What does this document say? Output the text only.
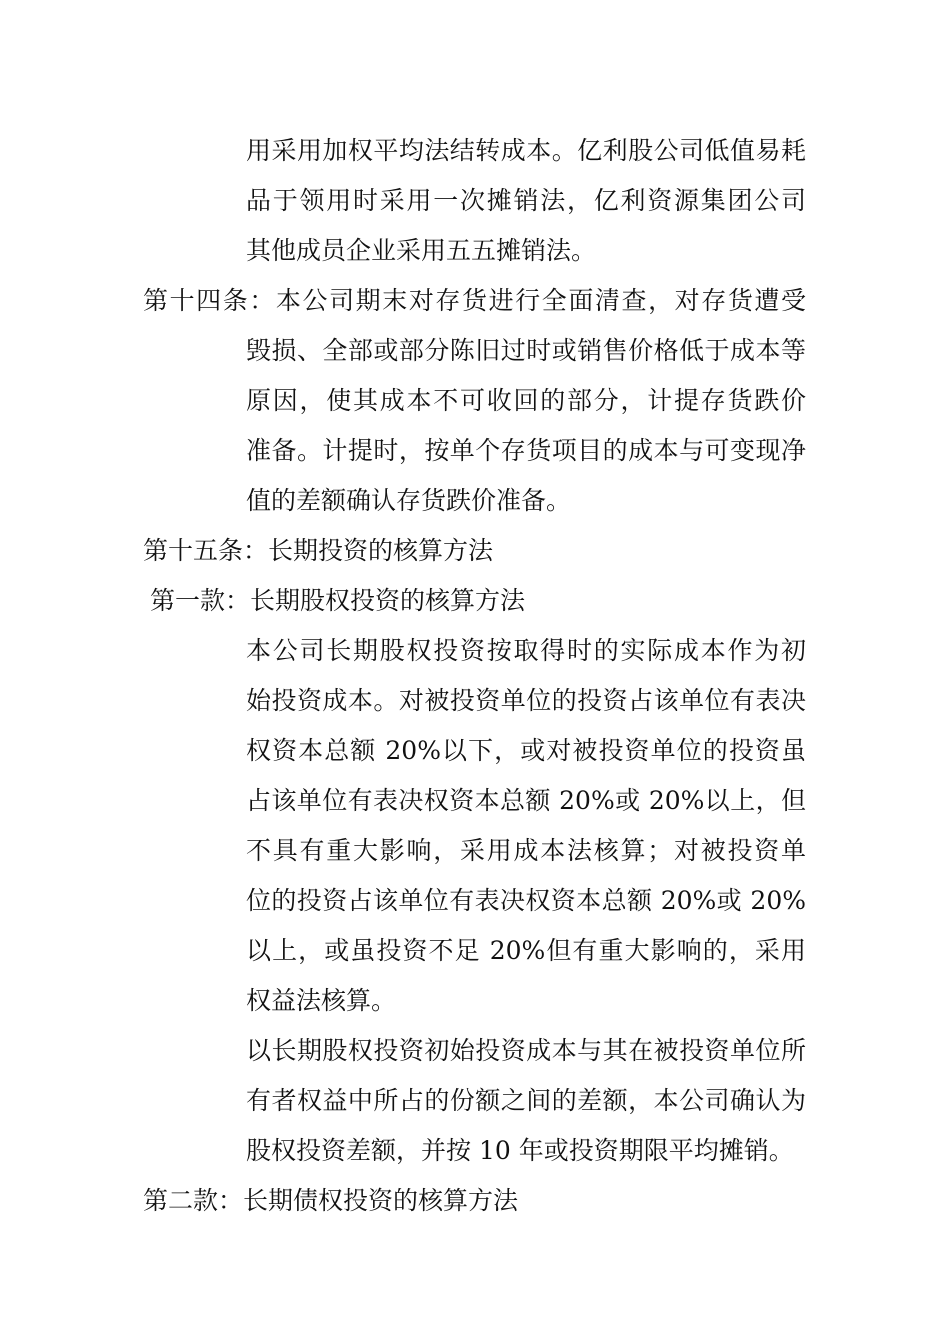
用采用加权平均法结转成本。亿利股公司低值易耗
品于领用时采用一次摊销法，亿利资源集团公司
其他成员企业采用五五摊销法。
第十四条：本公司期末对存货进行全面清查，对存货遭受
毁损、全部或部分陈旧过时或销售价格低于成本等
原因，使其成本不可收回的部分，计提存货跌价
准备。计提时，按单个存货项目的成本与可变现净
值的差额确认存货跌价准备。
第十五条：长期投资的核算方法
第一款：长期股权投资的核算方法
本公司长期股权投资按取得时的实际成本作为初
始投资成本。对被投资单位的投资占该单位有表决
权资本总额 20%以下，或对被投资单位的投资虽
占该单位有表决权资本总额 20%或 20%以上，但
不具有重大影响，采用成本法核算；对被投资单
位的投资占该单位有表决权资本总额 20%或 20%
以上，或虽投资不足 20%但有重大影响的，采用
权益法核算。
以长期股权投资初始投资成本与其在被投资单位所
有者权益中所占的份额之间的差额，本公司确认为
股权投资差额，并按 10 年或投资期限平均摊销。
第二款：长期债权投资的核算方法
